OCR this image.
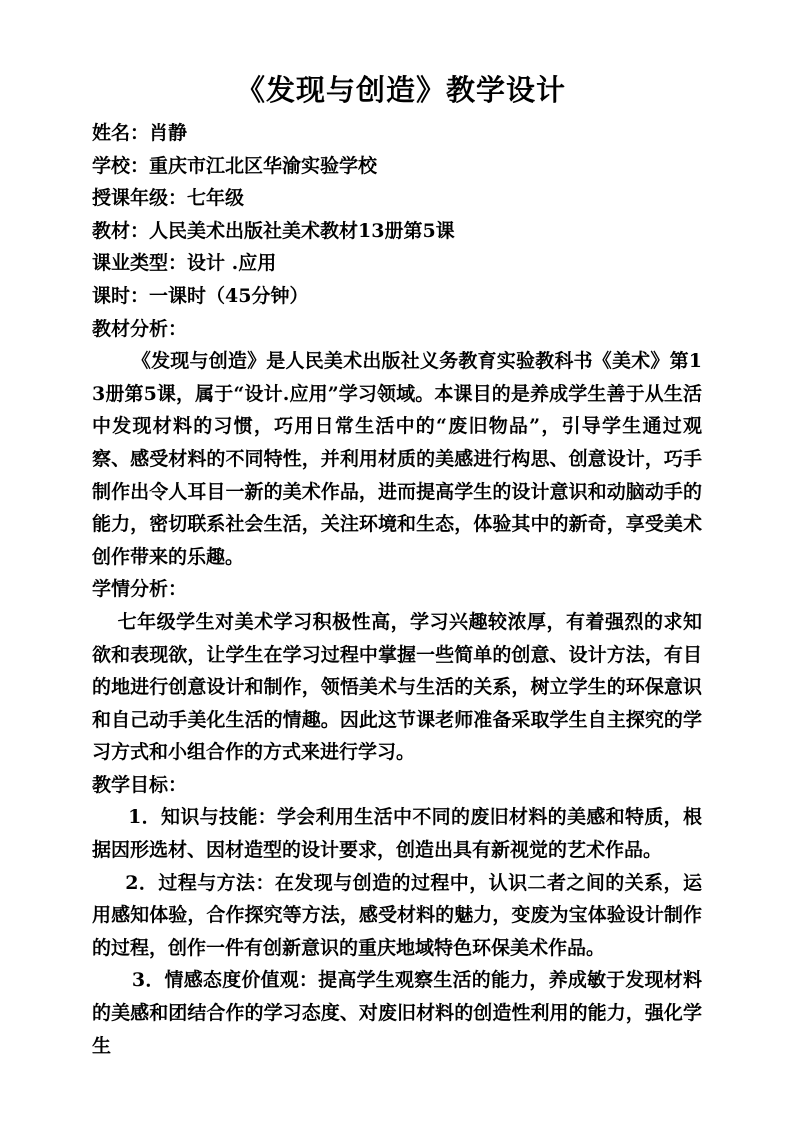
《发现与创造》教学设计

姓名：肖静

学校：重庆市江北区华渝实验学校

授课年级：七年级

教材：人民美术出版社美术教材13册第5课

课业类型：设计 .应用

课时：一课时（45分钟）

教材分析：

《发现与创造》是人民美术出版社义务教育实验教科书《美术》第13册第5课，属于“设计.应用”学习领域。本课目的是养成学生善于从生活中发现材料的习惯，巧用日常生活中的“废旧物品”，引导学生通过观察、感受材料的不同特性，并利用材质的美感进行构思、创意设计，巧手制作出令人耳目一新的美术作品，进而提高学生的设计意识和动脑动手的能力，密切联系社会生活，关注环境和生态，体验其中的新奇，享受美术创作带来的乐趣。

学情分析：

七年级学生对美术学习积极性高，学习兴趣较浓厚，有着强烈的求知欲和表现欲，让学生在学习过程中掌握一些简单的创意、设计方法，有目的地进行创意设计和制作，领悟美术与生活的关系，树立学生的环保意识和自己动手美化生活的情趣。因此这节课老师准备采取学生自主探究的学习方式和小组合作的方式来进行学习。

教学目标：

1．知识与技能：学会利用生活中不同的废旧材料的美感和特质，根据因形选材、因材造型的设计要求，创造出具有新视觉的艺术作品。

2．过程与方法：在发现与创造的过程中，认识二者之间的关系，运用感知体验，合作探究等方法，感受材料的魅力，变废为宝体验设计制作的过程，创作一件有创新意识的重庆地域特色环保美术作品。

3．情感态度价值观：提高学生观察生活的能力，养成敏于发现材料的美感和团结合作的学习态度、对废旧材料的创造性利用的能力，强化学生
